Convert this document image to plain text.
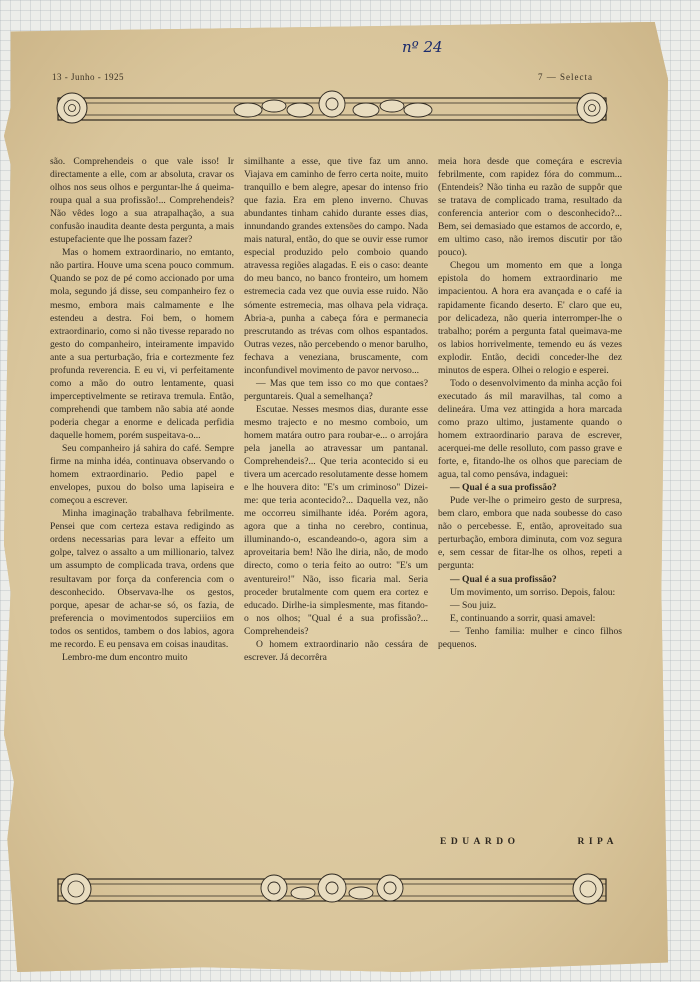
nº 24
13 - Junho - 1925	7 — Selecta

são. Comprehendeis o que vale isso! Ir directamente a elle, com ar absoluta, cravar os olhos nos seus olhos e perguntar-lhe á queima-roupa qual a sua profissão!... Comprehendeis? Não vêdes logo a sua atrapalhação, a sua confusão inaudita deante desta pergunta, a mais estupefaciente que lhe possam fazer?

Mas o homem extraordinario, no emtanto, não partira. Houve uma scena pouco commum. Quando se poz de pé como accionado por uma mola, segundo já disse, seu companheiro fez o mesmo, embora mais calmamente e lhe estendeu a destra. Foi bem, o homem extraordinario, como si não tivesse reparado no gesto do companheiro, inteiramente impavido ante a sua perturbação, fria e cortezmente fez profunda reverencia. E eu vi, vi perfeitamente como a mão do outro lentamente, quasi imperceptivelmente se retirava tremula. Então, comprehendi que tambem não sabia até aonde poderia chegar a enorme e delicada perfidia daquelle homem, porém suspeitava-o...

Seu companheiro já sahira do café. Sempre firme na minha idéa, continuava observando o homem extraordinario. Pedio papel e envelopes, puxou do bolso uma lapiseira e começou a escrever.

Minha imaginação trabalhava febrilmente. Pensei que com certeza estava redigindo as ordens necessarias para levar a effeito um golpe, talvez o assalto a um millionario, talvez um assumpto de complicada trava, ordens que resultavam por força da conferencia com o desconhecido. Observava-lhe os gestos, porque, apesar de achar-se só, os fazia, de preferencia o movimentodos superciiios em todos os sentidos, tambem o dos labios, agora me recordo. E eu pensava em coisas inauditas.

Lembro-me dum encontro muito

similhante a esse, que tive faz um anno. Viajava em caminho de ferro certa noite, muito tranquillo e bem alegre, apesar do intenso frio que fazia. Era em pleno inverno. Chuvas abundantes tinham cahido durante esses dias, innundando grandes extensões do campo. Nada mais natural, então, do que se ouvir esse rumor especial produzido pelo comboio quando atravessa regiões alagadas. E eis o caso: deante do meu banco, no banco fronteiro, um homem estremecia cada vez que ouvia esse ruido. Não sómente estremecia, mas olhava pela vidraça. Abria-a, punha a cabeça fóra e permanecia prescrutando as trévas com olhos espantados. Outras vezes, não percebendo o menor barulho, fechava a veneziana, bruscamente, com inconfundivel movimento de pavor nervoso...

— Mas que tem isso co mo que contaes? perguntareis. Qual a semelhança?

Escutae. Nesses mesmos dias, durante esse mesmo trajecto e no mesmo comboio, um homem matára outro para roubar-e... o arrojára pela janella ao atravessar um pantanal. Comprehendeis?... Que teria acontecido si eu tivera um acercado resolutamente desse homem e lhe houvera dito: "E's um criminoso" Dizei-me: que teria acontecido?... Daquella vez, não me occorreu similhante idéa. Porém agora, agora que a tinha no cerebro, continua, illuminando-o, escandeando-o, agora sim a aproveitaria bem! Não lhe diria, não, de modo directo, como o teria feito ao outro: "E's um aventureiro!" Não, isso ficaria mal. Seria proceder brutalmente com quem era cortez e educado. Dirlhe-ia simplesmente, mas fitando-o nos olhos; "Qual é a sua profissão?... Comprehendeis?

O homem extraordinario não cessára de escrever. Já decorrêra

meia hora desde que começára e escrevia febrilmente, com rapidez fóra do commum... (Entendeis? Não tinha eu razão de suppôr que se tratava de complicado trama, resultado da conferencia anterior com o desconhecido?... Bem, sei demasiado que estamos de accordo, e, em ultimo caso, não iremos discutir por tão pouco).

Chegou um momento em que a longa epistola do homem extraordinario me impacientou. A hora era avançada e o café ia rapidamente ficando deserto. E' claro que eu, por delicadeza, não queria interromper-lhe o trabalho; porém a pergunta fatal queimava-me os labios horrivelmente, temendo eu ás vezes explodir. Então, decidi conceder-lhe dez minutos de espera. Olhei o relogio e esperei.

Todo o desenvolvimento da minha acção foi executado ás mil maravilhas, tal como a delineára. Uma vez attingida a hora marcada como prazo ultimo, justamente quando o homem extraordinario parava de escrever, acerquei-me delle resolluto, com passo grave e forte, e, fitando-lhe os olhos que pareciam de agua, tal como pensáva, indaguei:

— Qual é a sua profissão?

Pude ver-lhe o primeiro gesto de surpresa, bem claro, embora que nada soubesse do caso não o percebesse. E, então, aproveitado sua perturbação, embora diminuta, com voz segura e, sem cessar de fitar-lhe os olhos, repeti a pergunta:

— Qual é a sua profissão?

Um movimento, um sorriso. Depois, falou:

— Sou juiz.

E, continuando a sorrir, quasi amavel:

— Tenho familia: mulher e cinco filhos pequenos.

EDUARDO	RIPA
